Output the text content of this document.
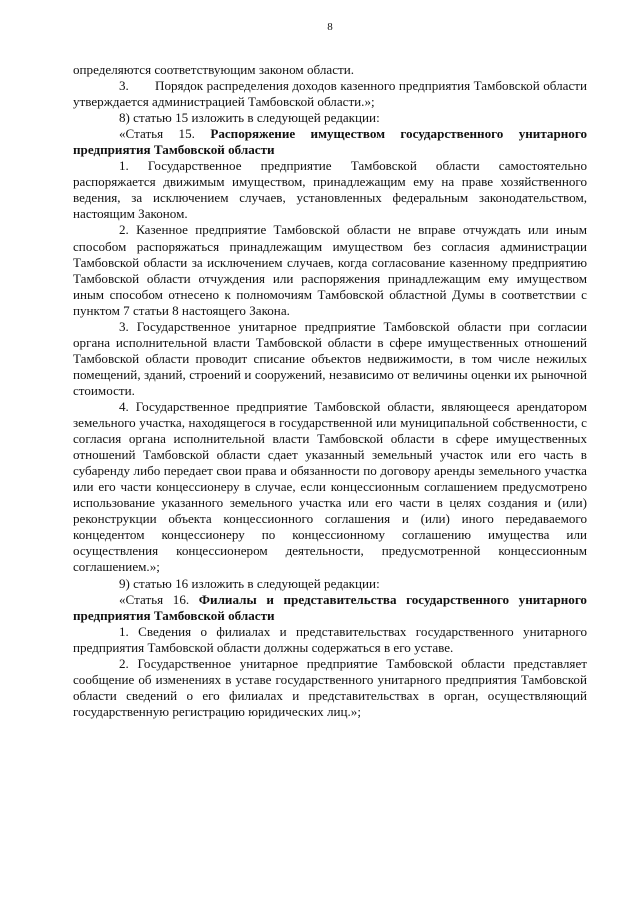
8

определяются соответствующим законом области.

3.  Порядок распределения доходов казенного предприятия Тамбовской области утверждается администрацией Тамбовской области.»;

8) статью 15 изложить в следующей редакции:

«Статья 15. Распоряжение имуществом государственного унитарного предприятия Тамбовской области

1. Государственное предприятие Тамбовской области самостоятельно распоряжается движимым имуществом, принадлежащим ему на праве хозяйственного ведения, за исключением случаев, установленных федеральным законодательством, настоящим Законом.

2. Казенное предприятие Тамбовской области не вправе отчуждать или иным способом распоряжаться принадлежащим имуществом без согласия администрации Тамбовской области за исключением случаев, когда согласование казенному предприятию Тамбовской области отчуждения или распоряжения принадлежащим ему имуществом иным способом отнесено к полномочиям Тамбовской областной Думы в соответствии с пунктом 7 статьи 8 настоящего Закона.

3. Государственное унитарное предприятие Тамбовской области при согласии органа исполнительной власти Тамбовской области в сфере имущественных отношений Тамбовской области проводит списание объектов недвижимости, в том числе нежилых помещений, зданий, строений и сооружений, независимо от величины оценки их рыночной стоимости.

4. Государственное предприятие Тамбовской области, являющееся арендатором земельного участка, находящегося в государственной или муниципальной собственности, с согласия органа исполнительной власти Тамбовской области в сфере имущественных отношений Тамбовской области сдает указанный земельный участок или его часть в субаренду либо передает свои права и обязанности по договору аренды земельного участка или его части концессионеру в случае, если концессионным соглашением предусмотрено использование указанного земельного участка или его части в целях создания и (или) реконструкции объекта концессионного соглашения и (или) иного передаваемого концедентом концессионеру по концессионному соглашению имущества или осуществления концессионером деятельности, предусмотренной концессионным соглашением.»;

9) статью 16 изложить в следующей редакции:

«Статья 16. Филиалы и представительства государственного унитарного предприятия Тамбовской области

1. Сведения о филиалах и представительствах государственного унитарного предприятия Тамбовской области должны содержаться в его уставе.

2. Государственное унитарное предприятие Тамбовской области представляет сообщение об изменениях в уставе государственного унитарного предприятия Тамбовской области сведений о его филиалах и представительствах в орган, осуществляющий государственную регистрацию юридических лиц.»;
